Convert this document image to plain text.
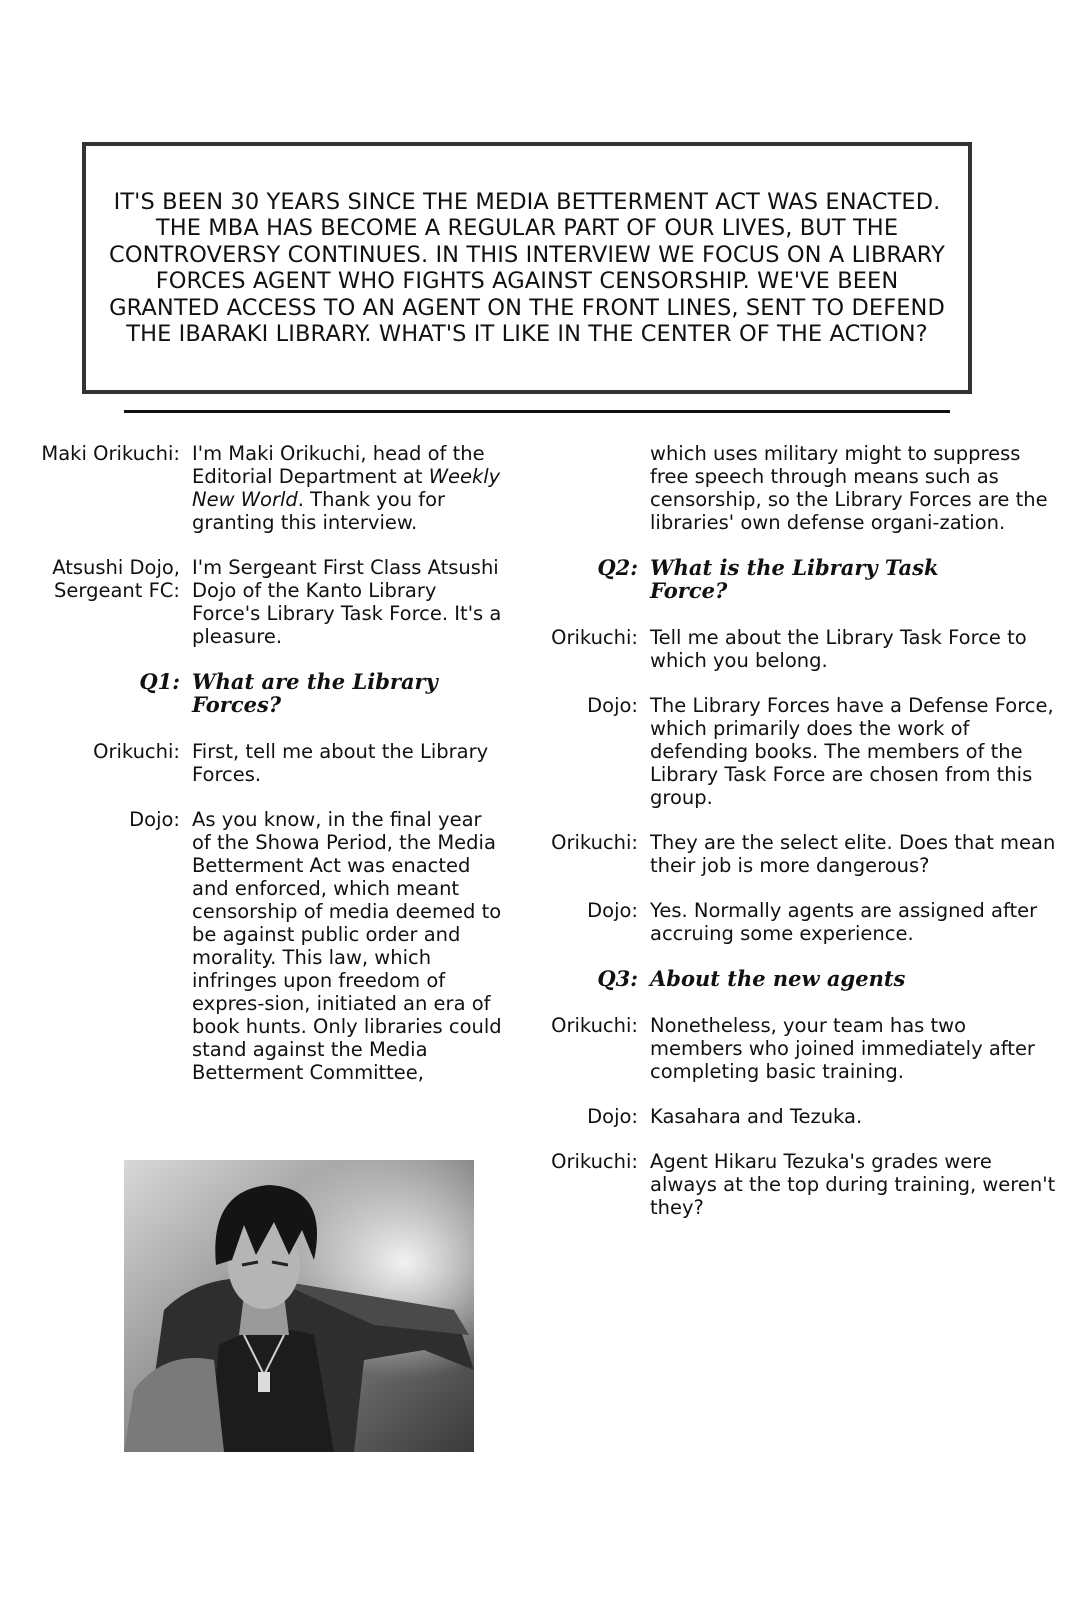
IT'S BEEN 30 YEARS SINCE THE MEDIA BETTERMENT ACT WAS ENACTED. THE MBA HAS BECOME A REGULAR PART OF OUR LIVES, BUT THE CONTROVERSY CONTINUES. IN THIS INTERVIEW WE FOCUS ON A LIBRARY FORCES AGENT WHO FIGHTS AGAINST CENSORSHIP. WE'VE BEEN GRANTED ACCESS TO AN AGENT ON THE FRONT LINES, SENT TO DEFEND THE IBARAKI LIBRARY. WHAT'S IT LIKE IN THE CENTER OF THE ACTION?

Maki Orikuchi: I'm Maki Orikuchi, head of the Editorial Department at Weekly New World. Thank you for granting this interview.
Atsushi Dojo,
Sergeant FC:
I'm Sergeant First Class Atsushi Dojo of the Kanto Library Force's Library Task Force. It's a pleasure.
Q1: What are the Library
Forces?
Orikuchi: First, tell me about the Library Forces.
Dojo: As you know, in the final year of the Showa Period, the Media Betterment Act was enacted and enforced, which meant censorship of media deemed to be against public order and morality. This law, which infringes upon freedom of expres-sion, initiated an era of book hunts. Only libraries could stand against the Media Betterment Committee,
which uses military might to suppress free speech through means such as censorship, so the Library Forces are the libraries' own defense organi-zation.
Q2: What is the Library Task
Force?
Orikuchi: Tell me about the Library Task Force to which you belong.
Dojo: The Library Forces have a Defense Force, which primarily does the work of defending books. The members of the Library Task Force are chosen from this group.
Orikuchi: They are the select elite. Does that mean their job is more dangerous?
Dojo: Yes. Normally agents are assigned after accruing some experience.
Q3: About the new agents
Orikuchi: Nonetheless, your team has two members who joined immediately after completing basic training.
Dojo: Kasahara and Tezuka.
Orikuchi: Agent Hikaru Tezuka's grades were always at the top during training, weren't they?
